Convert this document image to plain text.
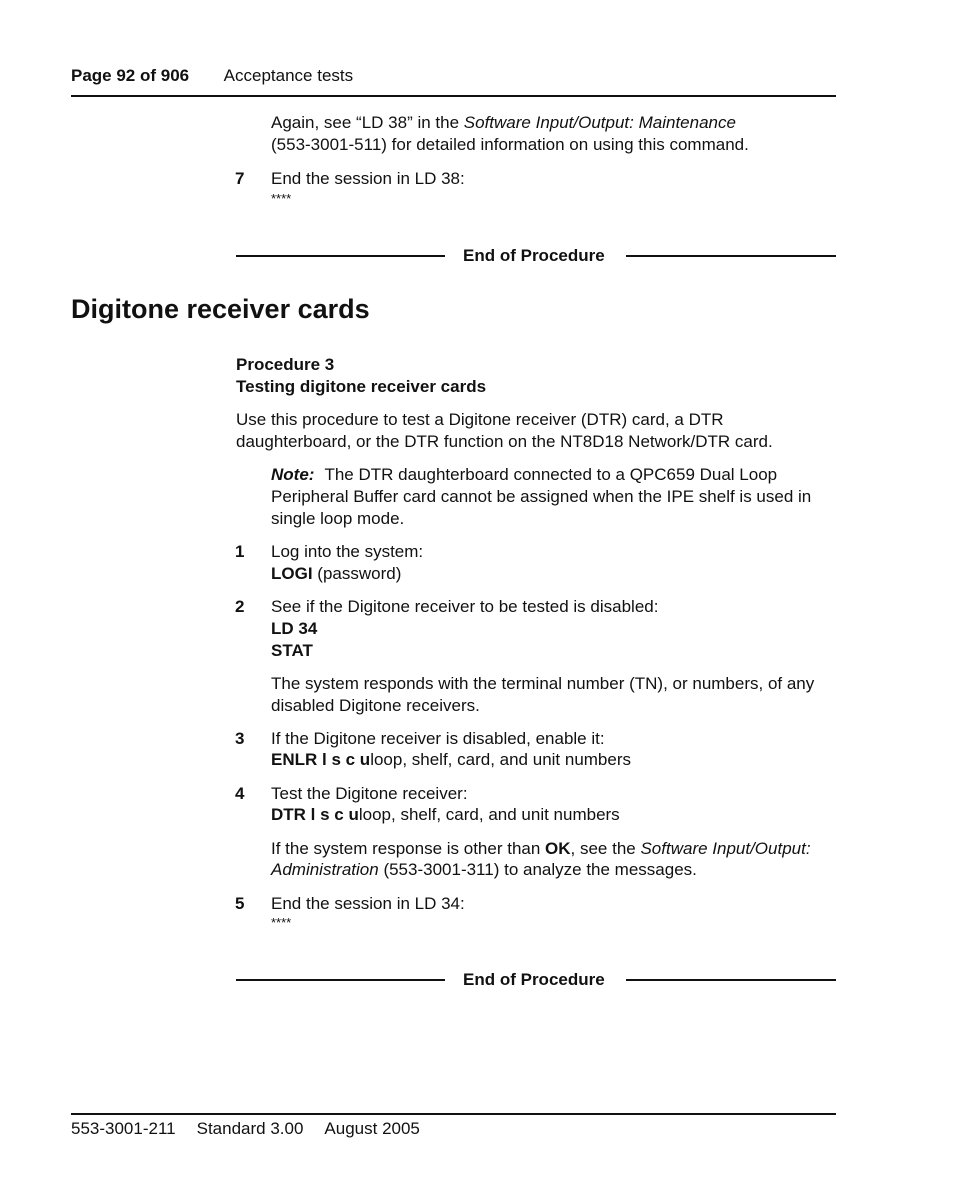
Page 92 of 906 Acceptance tests
Again, see “LD 38” in the Software Input/Output: Maintenance
(553-3001-511) for detailed information on using this command.
7 End the session in LD 38:
****
End of Procedure
Digitone receiver cards
Procedure 3
Testing digitone receiver cards
Use this procedure to test a Digitone receiver (DTR) card, a DTR
daughterboard, or the DTR function on the NT8D18 Network/DTR card.
Note: The DTR daughterboard connected to a QPC659 Dual Loop
Peripheral Buffer card cannot be assigned when the IPE shelf is used in
single loop mode.
1 Log into the system:
LOGI (password)
2 See if the Digitone receiver to be tested is disabled:
LD 34
STAT
The system responds with the terminal number (TN), or numbers, of any
disabled Digitone receivers.
3 If the Digitone receiver is disabled, enable it:
ENLR l s c uloop, shelf, card, and unit numbers
4 Test the Digitone receiver:
DTR l s c uloop, shelf, card, and unit numbers
If the system response is other than OK, see the Software Input/Output:
Administration (553-3001-311) to analyze the messages.
5 End the session in LD 34:
****
End of Procedure
553-3001-211 Standard 3.00 August 2005
